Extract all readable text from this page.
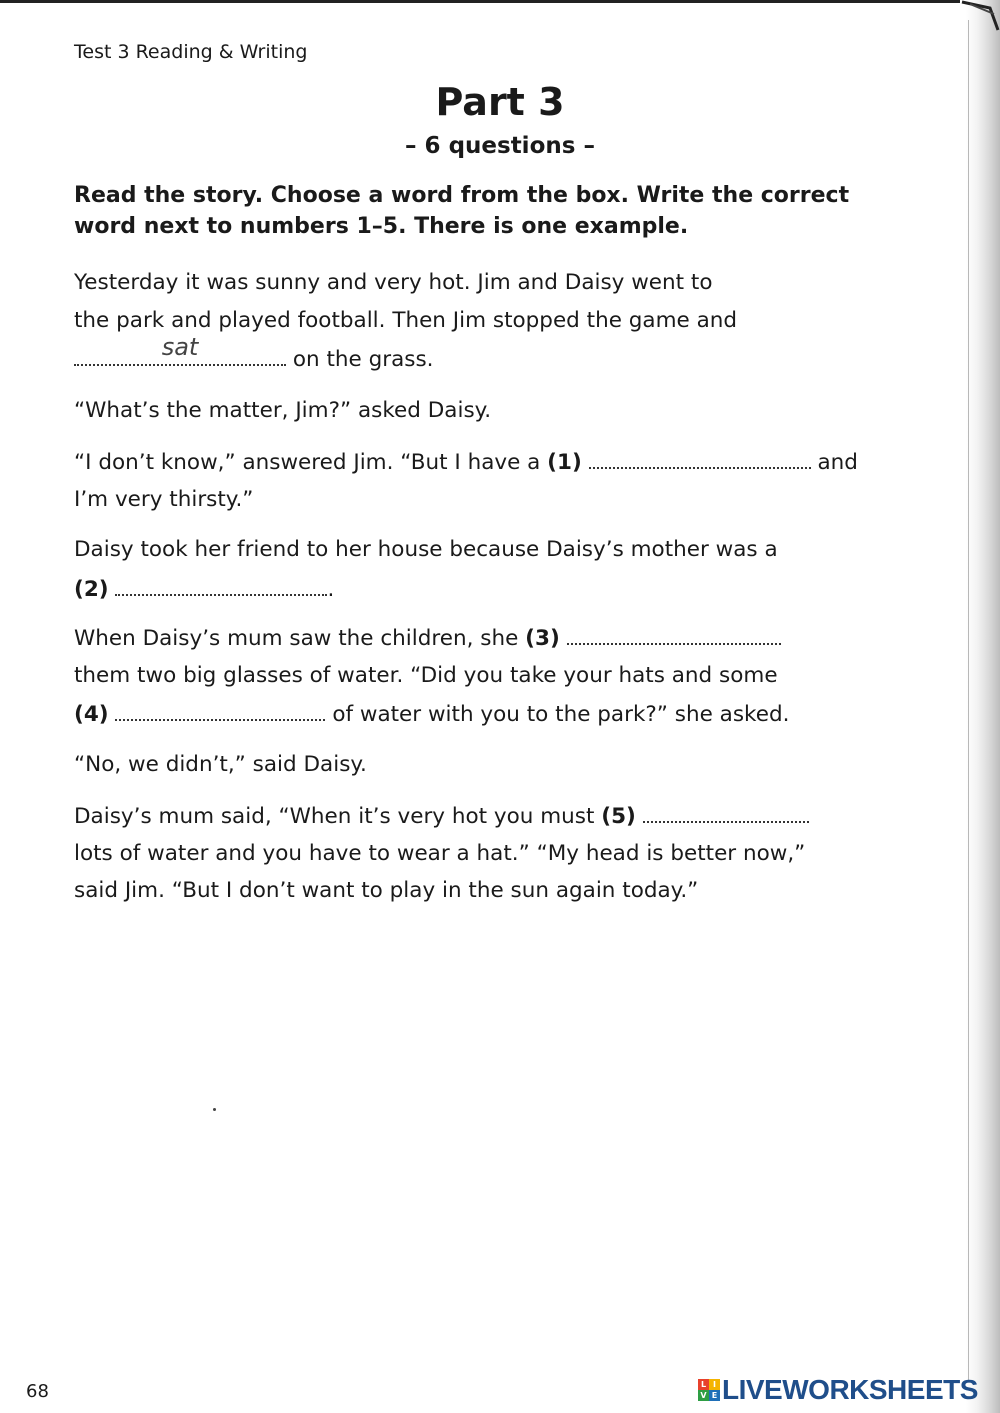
Test 3 Reading & Writing
Part 3
– 6 questions –
Read the story. Choose a word from the box. Write the correct word next to numbers 1–5. There is one example.
Yesterday it was sunny and very hot. Jim and Daisy went to
the park and played football. Then Jim stopped the game and
sat	on the grass.
“What’s the matter, Jim?” asked Daisy.
“I don’t know,” answered Jim. “But I have a (1)	and
I’m very thirsty.”
Daisy took her friend to her house because Daisy’s mother was a
(2)	.
When Daisy’s mum saw the children, she (3)
them two big glasses of water. “Did you take your hats and some
(4)	of water with you to the park?” she asked.
“No, we didn’t,” said Daisy.
Daisy’s mum said, “When it’s very hot you must (5)
lots of water and you have to wear a hat.” “My head is better now,”
said Jim. “But I don’t want to play in the sun again today.”
68	L I
V E LIVEWORKSHEETS
